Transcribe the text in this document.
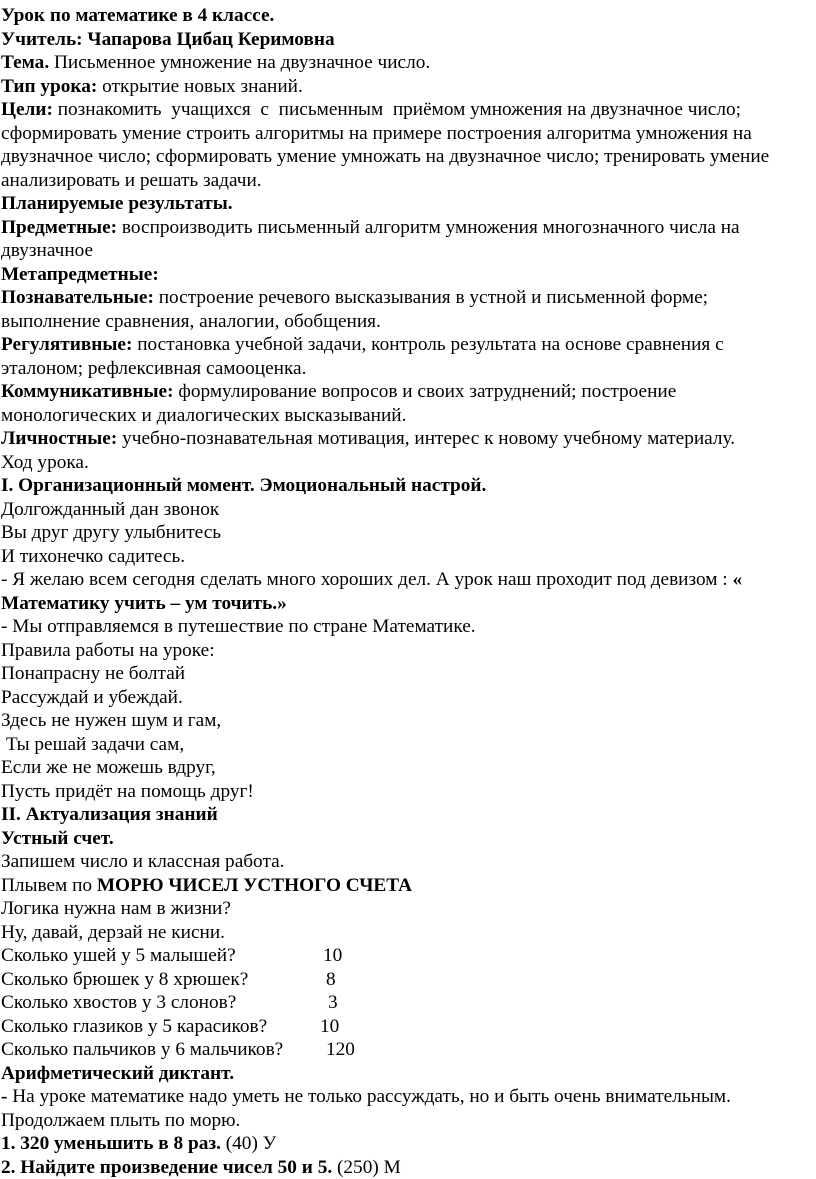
Урок по математике в 4 классе.
Учитель: Чапарова Цибац Керимовна
Тема. Письменное умножение на двузначное число.
Тип урока: открытие новых знаний.
Цели: познакомить  учащихся  с  письменным  приёмом умножения на двузначное число;
сформировать умение строить алгоритмы на примере построения алгоритма умножения на
двузначное число; сформировать умение умножать на двузначное число; тренировать умение
анализировать и решать задачи.
Планируемые результаты.
Предметные: воспроизводить письменный алгоритм умножения многозначного числа на
двузначное
Метапредметные:
Познавательные: построение речевого высказывания в устной и письменной форме;
выполнение сравнения, аналогии, обобщения.
Регулятивные: постановка учебной задачи, контроль результата на основе сравнения с
эталоном; рефлексивная самооценка.
Коммуникативные: формулирование вопросов и своих затруднений; построение
монологических и диалогических высказываний.
Личностные: учебно-познавательная мотивация, интерес к новому учебному материалу.
Ход урока.
I. Организационный момент. Эмоциональный настрой.
Долгожданный дан звонок
Вы друг другу улыбнитесь
И тихонечко садитесь.
- Я желаю всем сегодня сделать много хороших дел. А урок наш проходит под девизом : «
Математику учить – ум точить.»
- Мы отправляемся в путешествие по стране Математике.
Правила работы на уроке:
Понапрасну не болтай
Рассуждай и убеждай.
Здесь не нужен шум и гам,
Ты решай задачи сам,
Если же не можешь вдруг,
Пусть придёт на помощь друг!
II. Актуализация знаний
Устный счет.
Запишем число и классная работа.
Плывем по МОРЮ ЧИСЕЛ УСТНОГО СЧЕТА
Логика нужна нам в жизни?
Ну, давай, дерзай не кисни.
Сколько ушей у 5 малышей?	10
Сколько брюшек у 8 хрюшек?	8
Сколько хвостов у 3 слонов?	3
Сколько глазиков у 5 карасиков?	10
Сколько пальчиков у 6 мальчиков? 120
Арифметический диктант.
- На уроке математике надо уметь не только рассуждать, но и быть очень внимательным.
Продолжаем плыть по морю.
1. 320 уменьшить в 8 раз. (40) У
2. Найдите произведение чисел 50 и 5. (250) М
